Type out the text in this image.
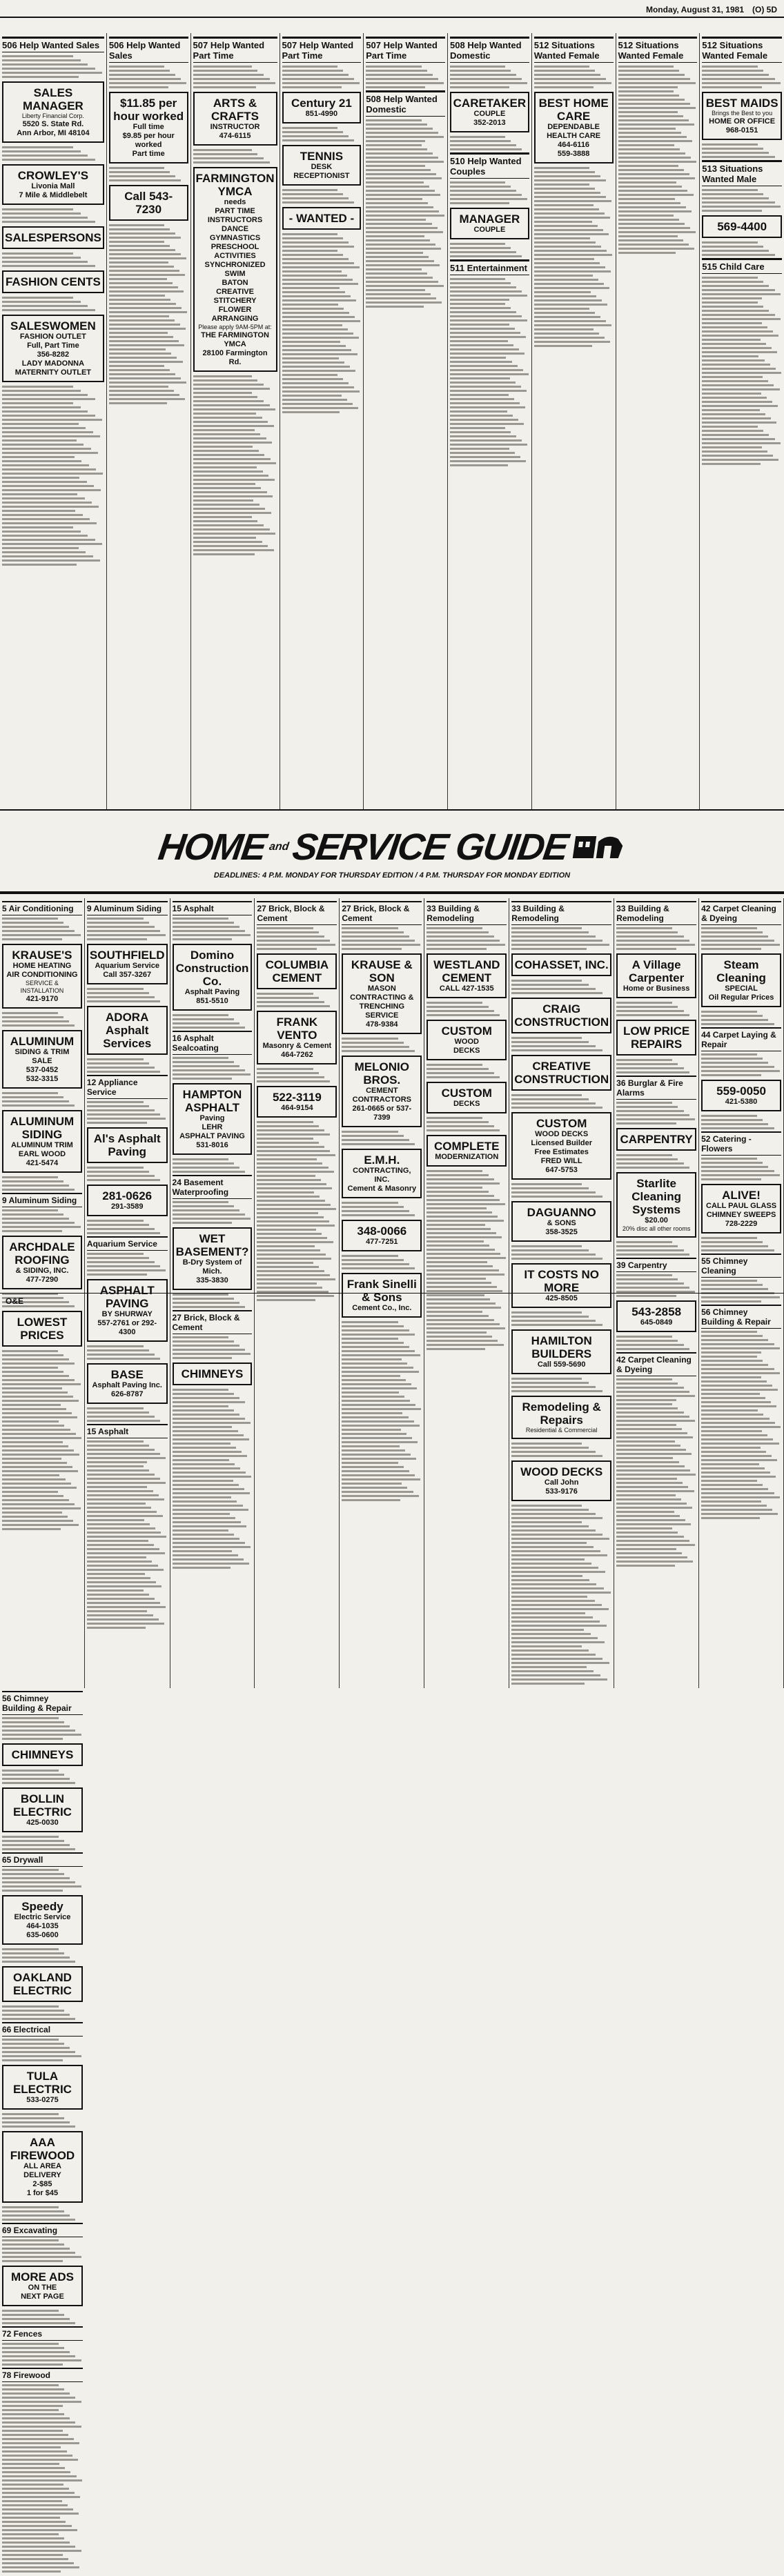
Monday, August 31, 1981 (O) 5D
506 Help Wanted Sales
SALES MANAGER
Liberty Financial Corp.
5520 S. State Rd.
Ann Arbor, MI 48104
CROWLEY'S
Livonia Mall
7 Mile & Middlebelt
SALESPERSONS
FASHION CENTS
SALESWOMEN
FASHION OUTLET
Full, Part Time
356-8282
LADY MADONNA
MATERNITY OUTLET
506 Help Wanted Sales
$11.85 per hour worked
Full time
$9.85 per hour worked
Part time
Call 543-7230
507 Help Wanted Part Time
ARTS & CRAFTS
INSTRUCTOR
474-6115
FARMINGTON YMCA
needs
PART TIME
INSTRUCTORS
DANCE
GYMNASTICS
PRESCHOOL ACTIVITIES
SYNCHRONIZED SWIM
BATON
CREATIVE STITCHERY
FLOWER ARRANGING
Please apply 9AM-5PM at:
THE FARMINGTON YMCA
28100 Farmington Rd.
507 Help Wanted Part Time
Century 21
851-4990
TENNIS
DESK RECEPTIONIST
- WANTED -
507 Help Wanted Part Time
508 Help Wanted Domestic
508 Help Wanted Domestic
CARETAKER
COUPLE
352-2013
510 Help Wanted Couples
MANAGER
COUPLE
511 Entertainment
512 Situations Wanted Female
BEST HOME CARE
DEPENDABLE
HEALTH CARE
464-6116
559-3888
512 Situations Wanted Female
512 Situations Wanted Female
BEST MAIDS
Brings the Best to you
HOME OR OFFICE
968-0151
513 Situations Wanted Male
569-4400
515 Child Care
HOME and SERVICE GUIDE
DEADLINES: 4 P.M. MONDAY FOR THURSDAY EDITION / 4 P.M. THURSDAY FOR MONDAY EDITION
5 Air Conditioning
KRAUSE'S
HOME HEATING
AIR CONDITIONING
SERVICE & INSTALLATION
421-9170
ALUMINUM
SIDING & TRIM
SALE
537-0452
532-3315
ALUMINUM SIDING
ALUMINUM TRIM
EARL WOOD
421-5474
9 Aluminum Siding
ARCHDALE ROOFING
& SIDING, INC.
477-7290
LOWEST PRICES
9 Aluminum Siding
SOUTHFIELD
Aquarium Service
Call 357-3267
ADORA Asphalt Services
12 Appliance Service
Al's Asphalt Paving
281-0626
291-3589
Aquarium Service
ASPHALT PAVING
BY SHURWAY
557-2761 or 292-4300
BASE
Asphalt Paving Inc.
626-8787
15 Asphalt
15 Asphalt
Domino Construction Co.
Asphalt Paving
851-5510
16 Asphalt Sealcoating
HAMPTON ASPHALT
Paving
LEHR
ASPHALT PAVING
531-8016
24 Basement Waterproofing
WET BASEMENT?
B-Dry System of Mich.
335-3830
27 Brick, Block & Cement
CHIMNEYS
27 Brick, Block & Cement
COLUMBIA CEMENT
FRANK VENTO
Masonry & Cement
464-7262
522-3119
464-9154
27 Brick, Block & Cement
KRAUSE & SON
MASON CONTRACTING &
TRENCHING SERVICE
478-9384
MELONIO BROS.
CEMENT CONTRACTORS
261-0665 or 537-7399
E.M.H.
CONTRACTING, INC.
Cement & Masonry
348-0066
477-7251
Frank Sinelli & Sons
Cement Co., Inc.
33 Building & Remodeling
WESTLAND CEMENT
CALL 427-1535
CUSTOM
WOOD
DECKS
CUSTOM
DECKS
COMPLETE
MODERNIZATION
33 Building & Remodeling
COHASSET, INC.
CRAIG CONSTRUCTION
CREATIVE CONSTRUCTION
CUSTOM
WOOD DECKS
Licensed Builder
Free Estimates
FRED WILL
647-5753
DAGUANNO
& SONS
358-3525
IT COSTS NO MORE
425-8505
HAMILTON BUILDERS
Call 559-5690
Remodeling & Repairs
Residential & Commercial
WOOD DECKS
Call John
533-9176
33 Building & Remodeling
A Village Carpenter
Home or Business
LOW PRICE REPAIRS
36 Burglar & Fire Alarms
CARPENTRY
Starlite Cleaning Systems
$20.00
20% disc all other rooms
39 Carpentry
543-2858
645-0849
42 Carpet Cleaning & Dyeing
42 Carpet Cleaning & Dyeing
Steam Cleaning
SPECIAL
Oil Regular Prices
44 Carpet Laying & Repair
559-0050
421-5380
52 Catering - Flowers
ALIVE!
CALL PAUL GLASS
CHIMNEY SWEEPS
728-2229
55 Chimney Cleaning
56 Chimney Building & Repair
56 Chimney Building & Repair
CHIMNEYS
BOLLIN ELECTRIC
425-0030
65 Drywall
Speedy
Electric Service
464-1035
635-0600
OAKLAND ELECTRIC
66 Electrical
TULA ELECTRIC
533-0275
AAA FIREWOOD
ALL AREA DELIVERY
2-$85
1 for $45
69 Excavating
MORE ADS
ON THE
NEXT PAGE
72 Fences
78 Firewood
O&E
